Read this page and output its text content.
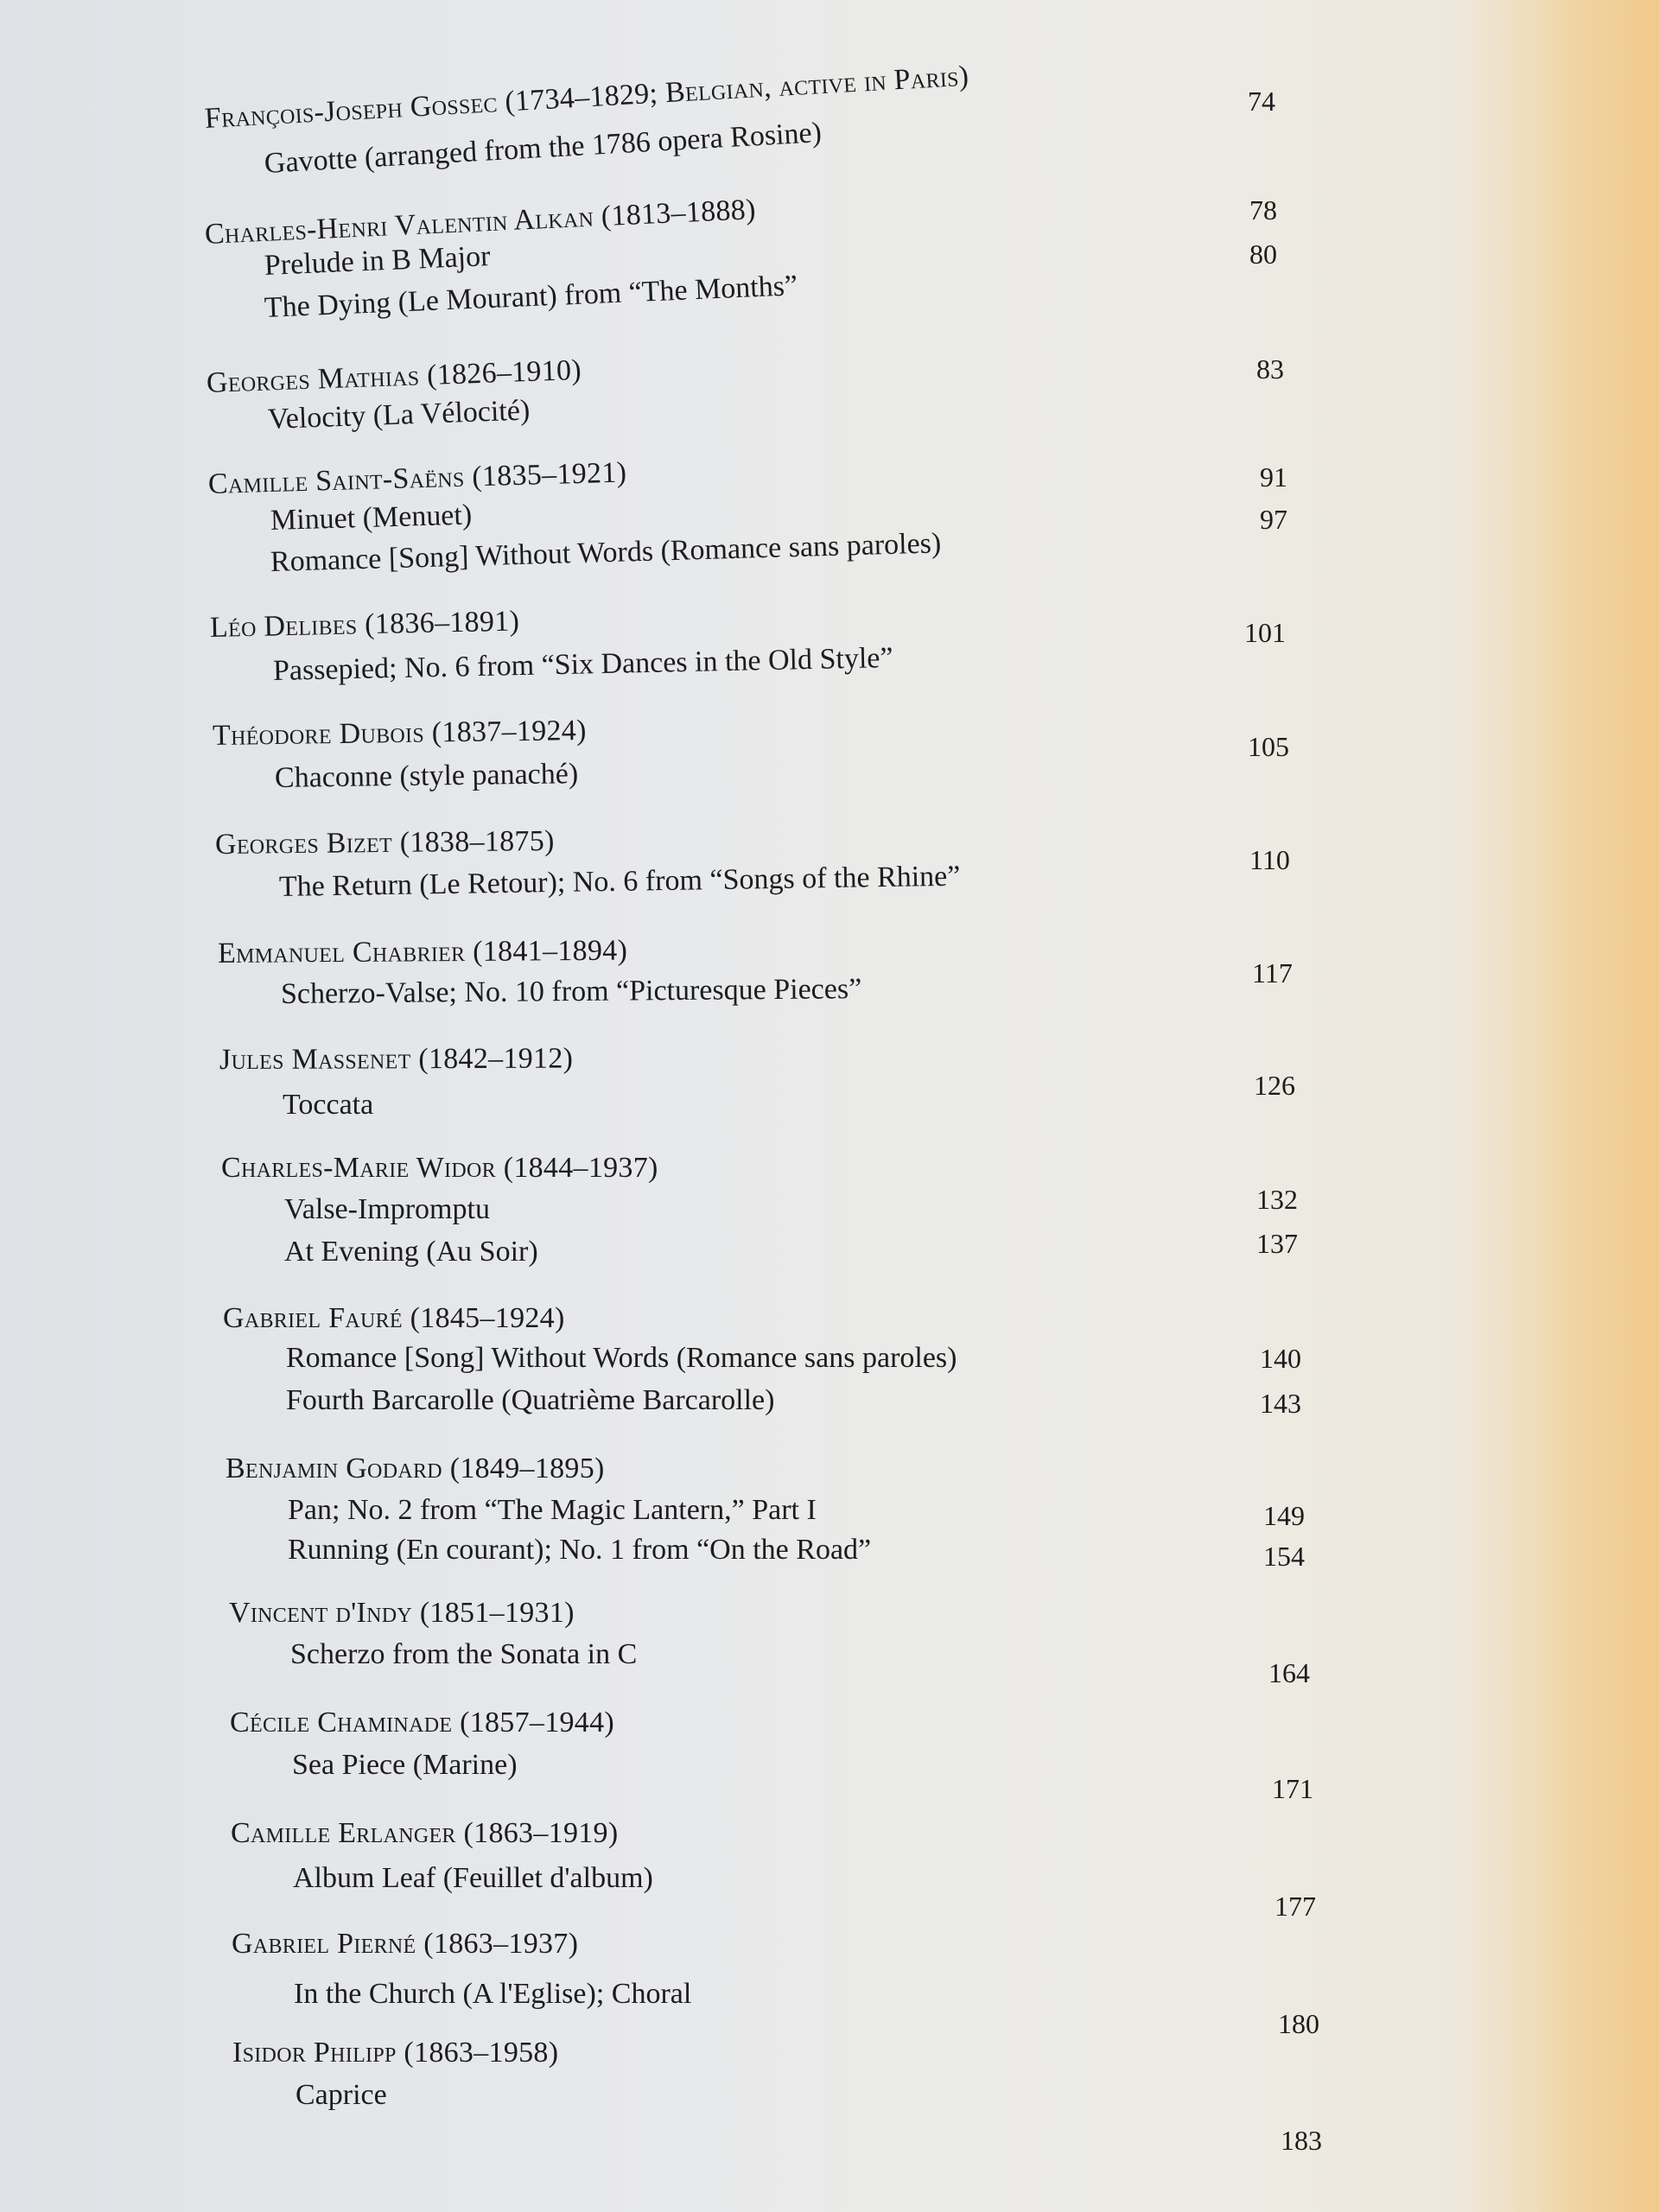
François-Joseph Gossec (1734–1829; Belgian, active in Paris)
Gavotte (arranged from the 1786 opera Rosine)
74
Charles-Henri Valentin Alkan (1813–1888)
Prelude in B Major
The Dying (Le Mourant) from “The Months”
78
80
Georges Mathias (1826–1910)
Velocity (La Vélocité)
83
Camille Saint-Saëns (1835–1921)
Minuet (Menuet)
Romance [Song] Without Words (Romance sans paroles)
91
97
Léo Delibes (1836–1891)
Passepied; No. 6 from “Six Dances in the Old Style”
101
Théodore Dubois (1837–1924)
Chaconne (style panaché)
105
Georges Bizet (1838–1875)
The Return (Le Retour); No. 6 from “Songs of the Rhine”
110
Emmanuel Chabrier (1841–1894)
Scherzo-Valse; No. 10 from “Picturesque Pieces”
117
Jules Massenet (1842–1912)
Toccata
126
Charles-Marie Widor (1844–1937)
Valse-Impromptu
At Evening (Au Soir)
132
137
Gabriel Fauré (1845–1924)
Romance [Song] Without Words (Romance sans paroles)
Fourth Barcarolle (Quatrième Barcarolle)
140
143
Benjamin Godard (1849–1895)
Pan; No. 2 from “The Magic Lantern,” Part I
Running (En courant); No. 1 from “On the Road”
149
154
Vincent d'Indy (1851–1931)
Scherzo from the Sonata in C
164
Cécile Chaminade (1857–1944)
Sea Piece (Marine)
171
Camille Erlanger (1863–1919)
Album Leaf (Feuillet d'album)
177
Gabriel Pierné (1863–1937)
In the Church (A l'Eglise); Choral
180
Isidor Philipp (1863–1958)
Caprice
183
